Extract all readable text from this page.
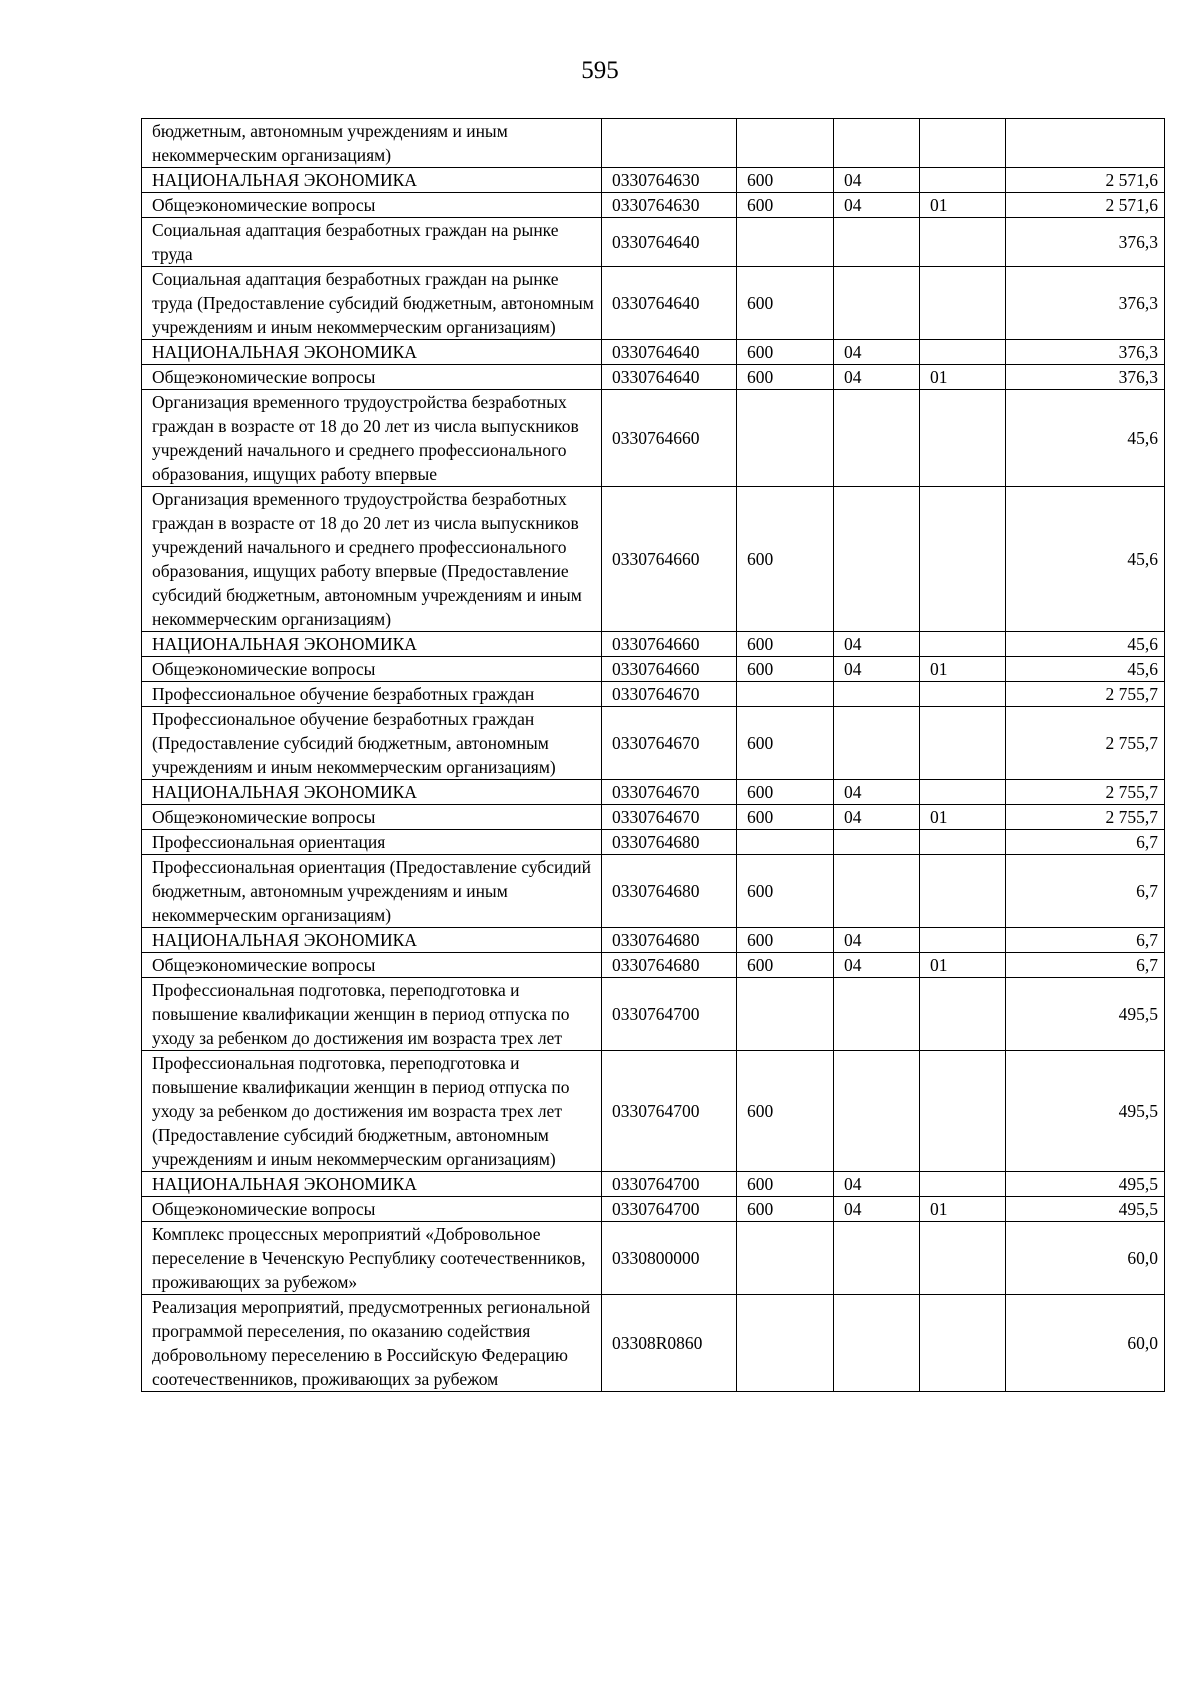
595
бюджетным, автономным учреждениям и иным некоммерческим организациям)					
НАЦИОНАЛЬНАЯ ЭКОНОМИКА	0330764630	600	04		2 571,6
Общеэкономические вопросы	0330764630	600	04	01	2 571,6
Социальная адаптация безработных граждан на рынке труда	0330764640				376,3
Социальная адаптация безработных граждан на рынке труда (Предоставление субсидий бюджетным, автономным учреждениям и иным некоммерческим организациям)	0330764640	600			376,3
НАЦИОНАЛЬНАЯ ЭКОНОМИКА	0330764640	600	04		376,3
Общеэкономические вопросы	0330764640	600	04	01	376,3
Организация временного трудоустройства безработных граждан в возрасте от 18 до 20 лет из числа выпускников учреждений начального и среднего профессионального образования, ищущих работу впервые	0330764660				45,6
Организация временного трудоустройства безработных граждан в возрасте от 18 до 20 лет из числа выпускников учреждений начального и среднего профессионального образования, ищущих работу впервые (Предоставление субсидий бюджетным, автономным учреждениям и иным некоммерческим организациям)	0330764660	600			45,6
НАЦИОНАЛЬНАЯ ЭКОНОМИКА	0330764660	600	04		45,6
Общеэкономические вопросы	0330764660	600	04	01	45,6
Профессиональное обучение безработных граждан	0330764670				2 755,7
Профессиональное обучение безработных граждан (Предоставление субсидий бюджетным, автономным учреждениям и иным некоммерческим организациям)	0330764670	600			2 755,7
НАЦИОНАЛЬНАЯ ЭКОНОМИКА	0330764670	600	04		2 755,7
Общеэкономические вопросы	0330764670	600	04	01	2 755,7
Профессиональная ориентация	0330764680				6,7
Профессиональная ориентация (Предоставление субсидий бюджетным, автономным учреждениям и иным некоммерческим организациям)	0330764680	600			6,7
НАЦИОНАЛЬНАЯ ЭКОНОМИКА	0330764680	600	04		6,7
Общеэкономические вопросы	0330764680	600	04	01	6,7
Профессиональная подготовка, переподготовка и повышение квалификации женщин в период отпуска по уходу за ребенком до достижения им возраста трех лет	0330764700				495,5
Профессиональная подготовка, переподготовка и повышение квалификации женщин в период отпуска по уходу за ребенком до достижения им возраста трех лет (Предоставление субсидий бюджетным, автономным учреждениям и иным некоммерческим организациям)	0330764700	600			495,5
НАЦИОНАЛЬНАЯ ЭКОНОМИКА	0330764700	600	04		495,5
Общеэкономические вопросы	0330764700	600	04	01	495,5
Комплекс процессных мероприятий «Добровольное переселение в Чеченскую Республику соотечественников, проживающих за рубежом»	0330800000				60,0
Реализация мероприятий, предусмотренных региональной программой переселения, по оказанию содействия добровольному переселению в Российскую Федерацию соотечественников, проживающих за рубежом	03308R0860				60,0
